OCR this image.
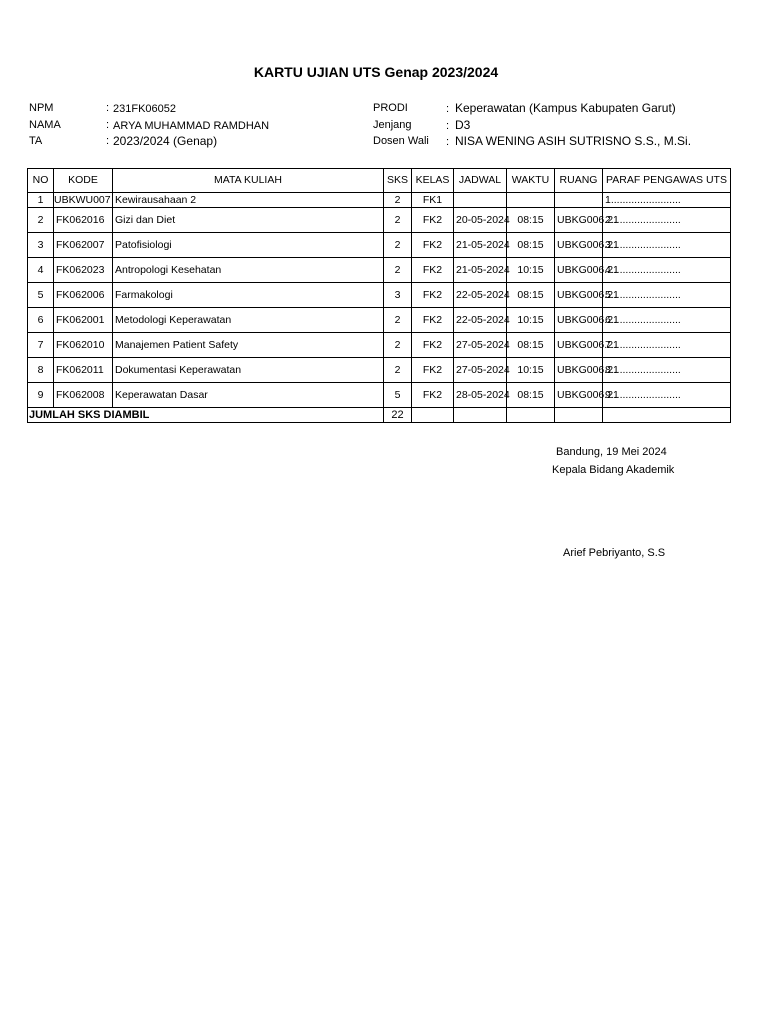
KARTU UJIAN UTS Genap 2023/2024
NPM	: 231FK06052
NAMA	: ARYA MUHAMMAD RAMDHAN
TA	: 2023/2024 (Genap)
PRODI	: Keperawatan (Kampus Kabupaten Garut)
Jenjang	: D3
Dosen Wali : NISA WENING ASIH SUTRISNO S.S., M.Si.
NO	KODE	MATA KULIAH	SKS	KELAS	JADWAL	WAKTU	RUANG	PARAF PENGAWAS UTS
1	UBKWU007	Kewirausahaan 2	2	FK1				1........................
2	FK062016	Gizi dan Diet	2	FK2	20-05-2024	08:15	UBKG006.21	2........................
3	FK062007	Patofisiologi	2	FK2	21-05-2024	08:15	UBKG006.21	3........................
4	FK062023	Antropologi Kesehatan	2	FK2	21-05-2024	10:15	UBKG006.21	4........................
5	FK062006	Farmakologi	3	FK2	22-05-2024	08:15	UBKG006.21	5........................
6	FK062001	Metodologi Keperawatan	2	FK2	22-05-2024	10:15	UBKG006.21	6........................
7	FK062010	Manajemen Patient Safety	2	FK2	27-05-2024	08:15	UBKG006.21	7........................
8	FK062011	Dokumentasi Keperawatan	2	FK2	27-05-2024	10:15	UBKG006.21	8........................
9	FK062008	Keperawatan Dasar	5	FK2	28-05-2024	08:15	UBKG006.21	9........................
JUMLAH SKS DIAMBIL			22					
Bandung, 19 Mei 2024
Kepala Bidang Akademik
Arief Pebriyanto, S.S
